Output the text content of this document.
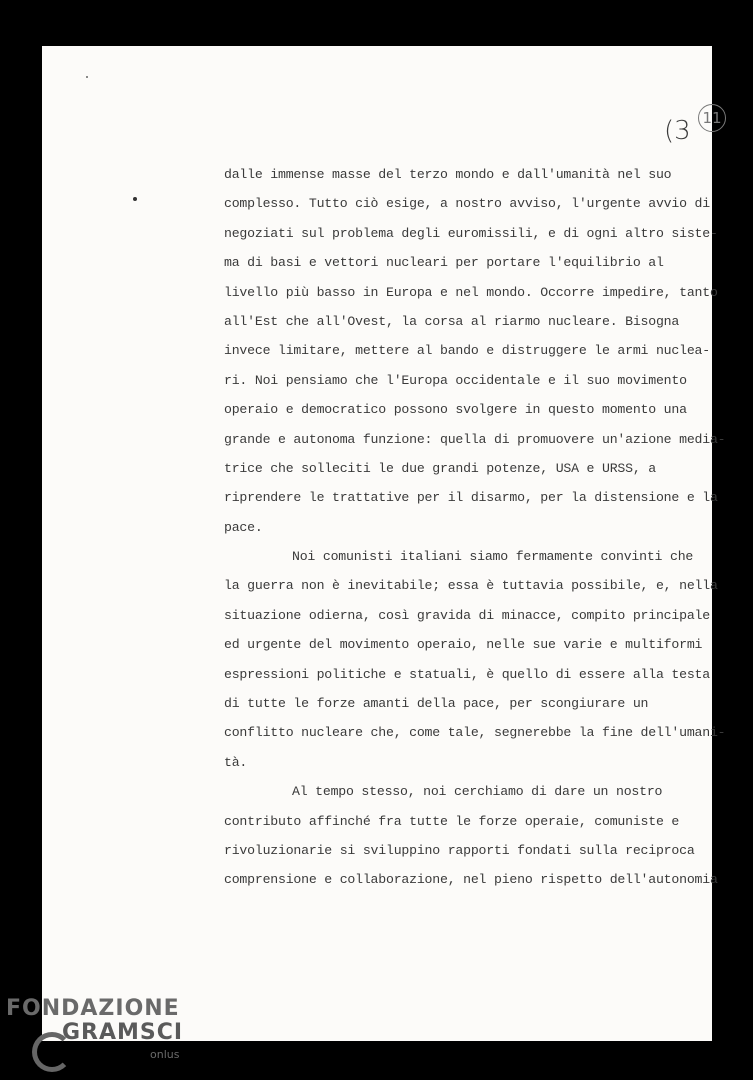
(3 11
dalle immense masse del terzo mondo e dall'umanità nel suo
complesso. Tutto ciò esige, a nostro avviso, l'urgente avvio di
negoziati sul problema degli euromissili, e di ogni altro siste-
ma di basi e vettori nucleari per portare l'equilibrio al
livello più basso in Europa e nel mondo. Occorre impedire, tanto
all'Est che all'Ovest, la corsa al riarmo nucleare. Bisogna
invece limitare, mettere al bando e distruggere le armi nuclea-
ri. Noi pensiamo che l'Europa occidentale e il suo movimento
operaio e democratico possono svolgere in questo momento una
grande e autonoma funzione: quella di promuovere un'azione media-
trice che solleciti le due grandi potenze, USA e URSS, a
riprendere le trattative per il disarmo, per la distensione e la
pace.
Noi comunisti italiani siamo fermamente convinti che
la guerra non è inevitabile; essa è tuttavia possibile, e, nella
situazione odierna, così gravida di minacce, compito principale
ed urgente del movimento operaio, nelle sue varie e multiformi
espressioni politiche e statuali, è quello di essere alla testa
di tutte le forze amanti della pace, per scongiurare un
conflitto nucleare che, come tale, segnerebbe la fine dell'umani-
tà.
Al tempo stesso, noi cerchiamo di dare un nostro
contributo affinché fra tutte le forze operaie, comuniste e
rivoluzionarie si sviluppino rapporti fondati sulla reciproca
comprensione e collaborazione, nel pieno rispetto dell'autonomia
FONDAZIONE
GRAMSCI
onlus
